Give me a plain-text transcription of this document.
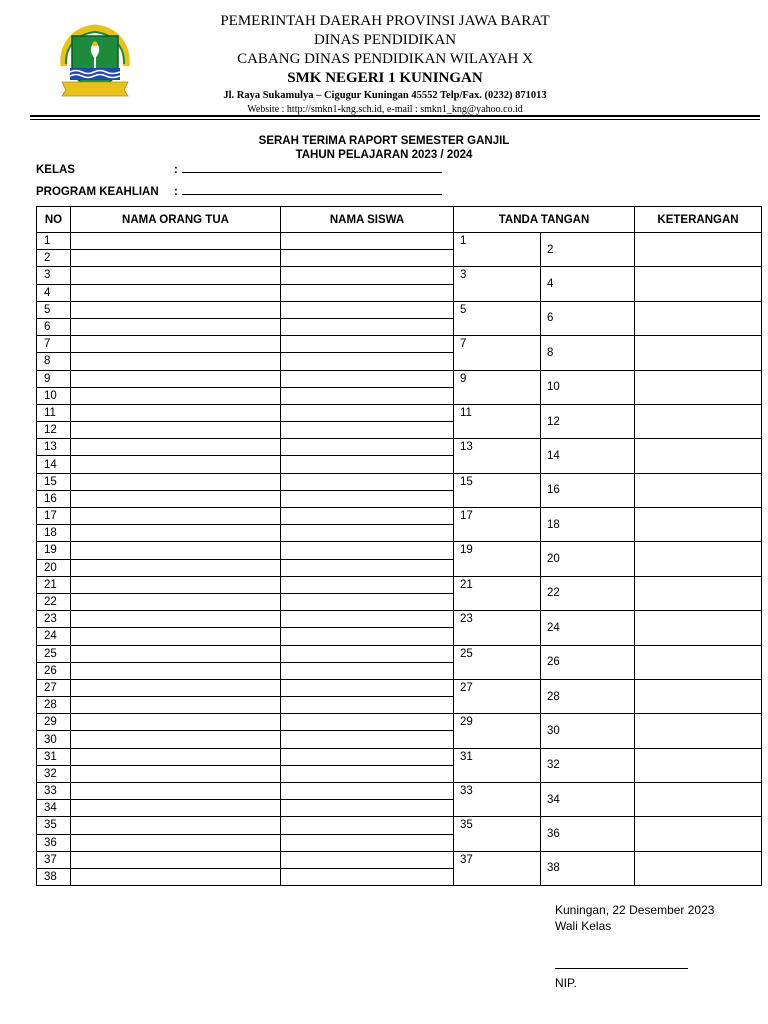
PEMERINTAH DAERAH PROVINSI JAWA BARAT
DINAS PENDIDIKAN
CABANG DINAS PENDIDIKAN WILAYAH X
SMK NEGERI 1 KUNINGAN
Jl. Raya Sukamulya – Cigugur Kuningan 45552 Telp/Fax. (0232) 871013
Website : http://smkn1-kng.sch.id, e-mail : smkn1_kng@yahoo.co.id
SERAH TERIMA RAPORT SEMESTER GANJIL
TAHUN PELAJARAN 2023 / 2024
KELAS	:
PROGRAM KEAHLIAN :
NO	NAMA ORANG TUA	NAMA SISWA	TANDA TANGAN		KETERANGAN
1			1	2	
2					
3			3	4	
4					
5			5	6	
6					
7			7	8	
8					
9			9	10	
10					
11			11	12	
12					
13			13	14	
14					
15			15	16	
16					
17			17	18	
18					
19			19	20	
20					
21			21	22	
22					
23			23	24	
24					
25			25	26	
26					
27			27	28	
28					
29			29	30	
30					
31			31	32	
32					
33			33	34	
34					
35			35	36	
36					
37			37	38	
38					
Kuningan, 22 Desember 2023
Wali Kelas
NIP.
